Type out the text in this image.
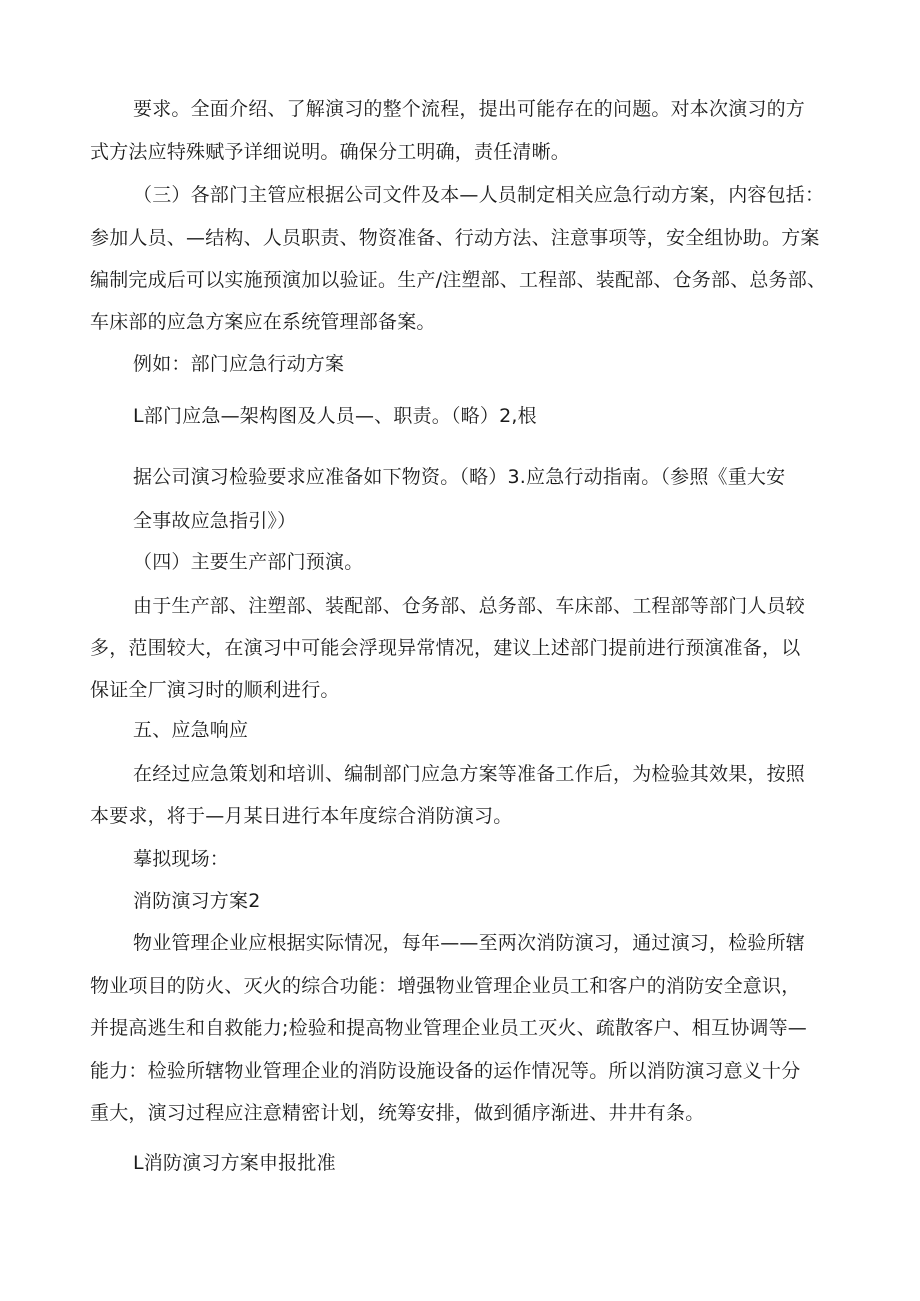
要求。全面介绍、了解演习的整个流程，提出可能存在的问题。对本次演习的方
式方法应特殊赋予详细说明。确保分工明确，责任清晰。
（三）各部门主管应根据公司文件及本—人员制定相关应急行动方案，内容包括：
参加人员、—结构、人员职责、物资准备、行动方法、注意事项等，安全组协助。方案
编制完成后可以实施预演加以验证。生产/注塑部、工程部、装配部、仓务部、总务部、
车床部的应急方案应在系统管理部备案。
例如：部门应急行动方案
L部门应急—架构图及人员—、职责。（略）2,根
据公司演习检验要求应准备如下物资。（略）3.应急行动指南。（参照《重大安
全事故应急指引》）
（四）主要生产部门预演。
由于生产部、注塑部、装配部、仓务部、总务部、车床部、工程部等部门人员较
多，范围较大，在演习中可能会浮现异常情况，建议上述部门提前进行预演准备，以
保证全厂演习时的顺利进行。
五、应急响应
在经过应急策划和培训、编制部门应急方案等准备工作后，为检验其效果，按照
本要求，将于—月某日进行本年度综合消防演习。
摹拟现场：
消防演习方案2
物业管理企业应根据实际情况，每年——至两次消防演习，通过演习，检验所辖
物业项目的防火、灭火的综合功能：增强物业管理企业员工和客户的消防安全意识，
并提高逃生和自救能力;检验和提高物业管理企业员工灭火、疏散客户、相互协调等—
能力：检验所辖物业管理企业的消防设施设备的运作情况等。所以消防演习意义十分
重大，演习过程应注意精密计划，统筹安排，做到循序渐进、井井有条。
L消防演习方案申报批准
